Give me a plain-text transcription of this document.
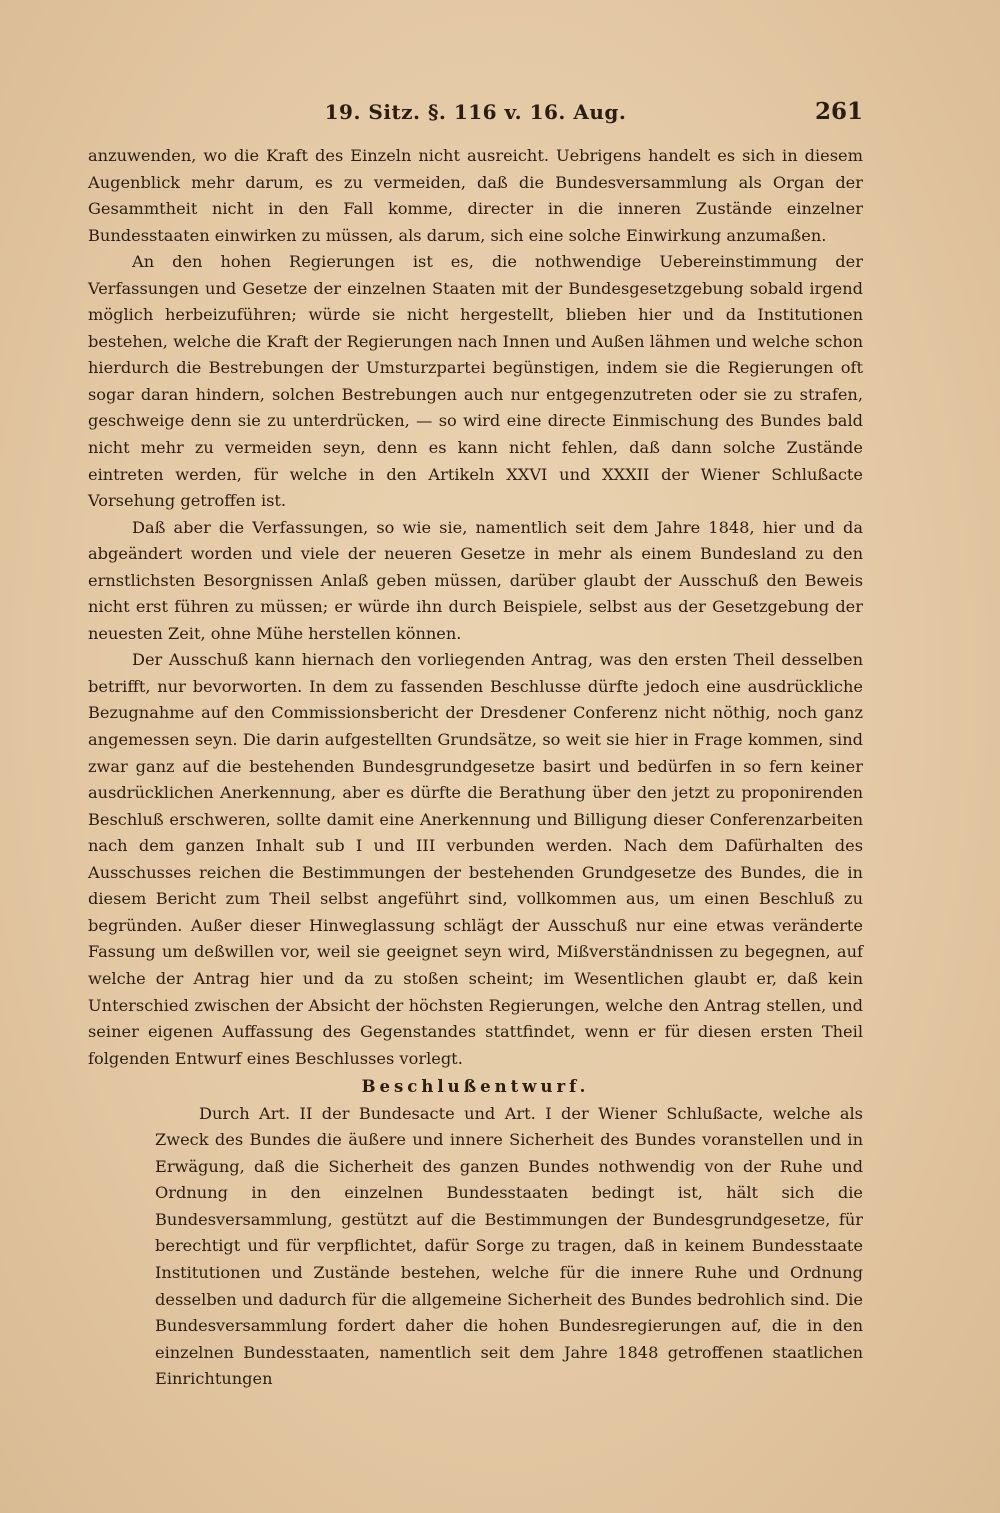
19. Sitz. §. 116 v. 16. Aug.	261

anzuwenden, wo die Kraft des Einzeln nicht ausreicht. Uebrigens handelt es sich in diesem Augenblick mehr darum, es zu vermeiden, daß die Bundesversammlung als Organ der Gesammtheit nicht in den Fall komme, directer in die inneren Zustände einzelner Bundesstaaten einwirken zu müssen, als darum, sich eine solche Einwirkung anzumaßen.

An den hohen Regierungen ist es, die nothwendige Uebereinstimmung der Verfassungen und Gesetze der einzelnen Staaten mit der Bundesgesetzgebung sobald irgend möglich herbeizuführen; würde sie nicht hergestellt, blieben hier und da Institutionen bestehen, welche die Kraft der Regierungen nach Innen und Außen lähmen und welche schon hierdurch die Bestrebungen der Umsturzpartei begünstigen, indem sie die Regierungen oft sogar daran hindern, solchen Bestrebungen auch nur entgegenzutreten oder sie zu strafen, geschweige denn sie zu unterdrücken, — so wird eine directe Einmischung des Bundes bald nicht mehr zu vermeiden seyn, denn es kann nicht fehlen, daß dann solche Zustände eintreten werden, für welche in den Artikeln XXVI und XXXII der Wiener Schlußacte Vorsehung getroffen ist.

Daß aber die Verfassungen, so wie sie, namentlich seit dem Jahre 1848, hier und da abgeändert worden und viele der neueren Gesetze in mehr als einem Bundesland zu den ernstlichsten Besorgnissen Anlaß geben müssen, darüber glaubt der Ausschuß den Beweis nicht erst führen zu müssen; er würde ihn durch Beispiele, selbst aus der Gesetzgebung der neuesten Zeit, ohne Mühe herstellen können.

Der Ausschuß kann hiernach den vorliegenden Antrag, was den ersten Theil desselben betrifft, nur bevorworten. In dem zu fassenden Beschlusse dürfte jedoch eine ausdrückliche Bezugnahme auf den Commissionsbericht der Dresdener Conferenz nicht nöthig, noch ganz angemessen seyn. Die darin aufgestellten Grundsätze, so weit sie hier in Frage kommen, sind zwar ganz auf die bestehenden Bundesgrundgesetze basirt und bedürfen in so fern keiner ausdrücklichen Anerkennung, aber es dürfte die Berathung über den jetzt zu proponirenden Beschluß erschweren, sollte damit eine Anerkennung und Billigung dieser Conferenzarbeiten nach dem ganzen Inhalt sub I und III verbunden werden. Nach dem Dafürhalten des Ausschusses reichen die Bestimmungen der bestehenden Grundgesetze des Bundes, die in diesem Bericht zum Theil selbst angeführt sind, vollkommen aus, um einen Beschluß zu begründen. Außer dieser Hinweglassung schlägt der Ausschuß nur eine etwas veränderte Fassung um deßwillen vor, weil sie geeignet seyn wird, Mißverständnissen zu begegnen, auf welche der Antrag hier und da zu stoßen scheint; im Wesentlichen glaubt er, daß kein Unterschied zwischen der Absicht der höchsten Regierungen, welche den Antrag stellen, und seiner eigenen Auffassung des Gegenstandes stattfindet, wenn er für diesen ersten Theil folgenden Entwurf eines Beschlusses vorlegt.

Beschlußentwurf.

Durch Art. II der Bundesacte und Art. I der Wiener Schlußacte, welche als Zweck des Bundes die äußere und innere Sicherheit des Bundes voranstellen und in Erwägung, daß die Sicherheit des ganzen Bundes nothwendig von der Ruhe und Ordnung in den einzelnen Bundesstaaten bedingt ist, hält sich die Bundesversammlung, gestützt auf die Bestimmungen der Bundesgrundgesetze, für berechtigt und für verpflichtet, dafür Sorge zu tragen, daß in keinem Bundesstaate Institutionen und Zustände bestehen, welche für die innere Ruhe und Ordnung desselben und dadurch für die allgemeine Sicherheit des Bundes bedrohlich sind. Die Bundesversammlung fordert daher die hohen Bundesregierungen auf, die in den einzelnen Bundesstaaten, namentlich seit dem Jahre 1848 getroffenen staatlichen Einrichtungen
